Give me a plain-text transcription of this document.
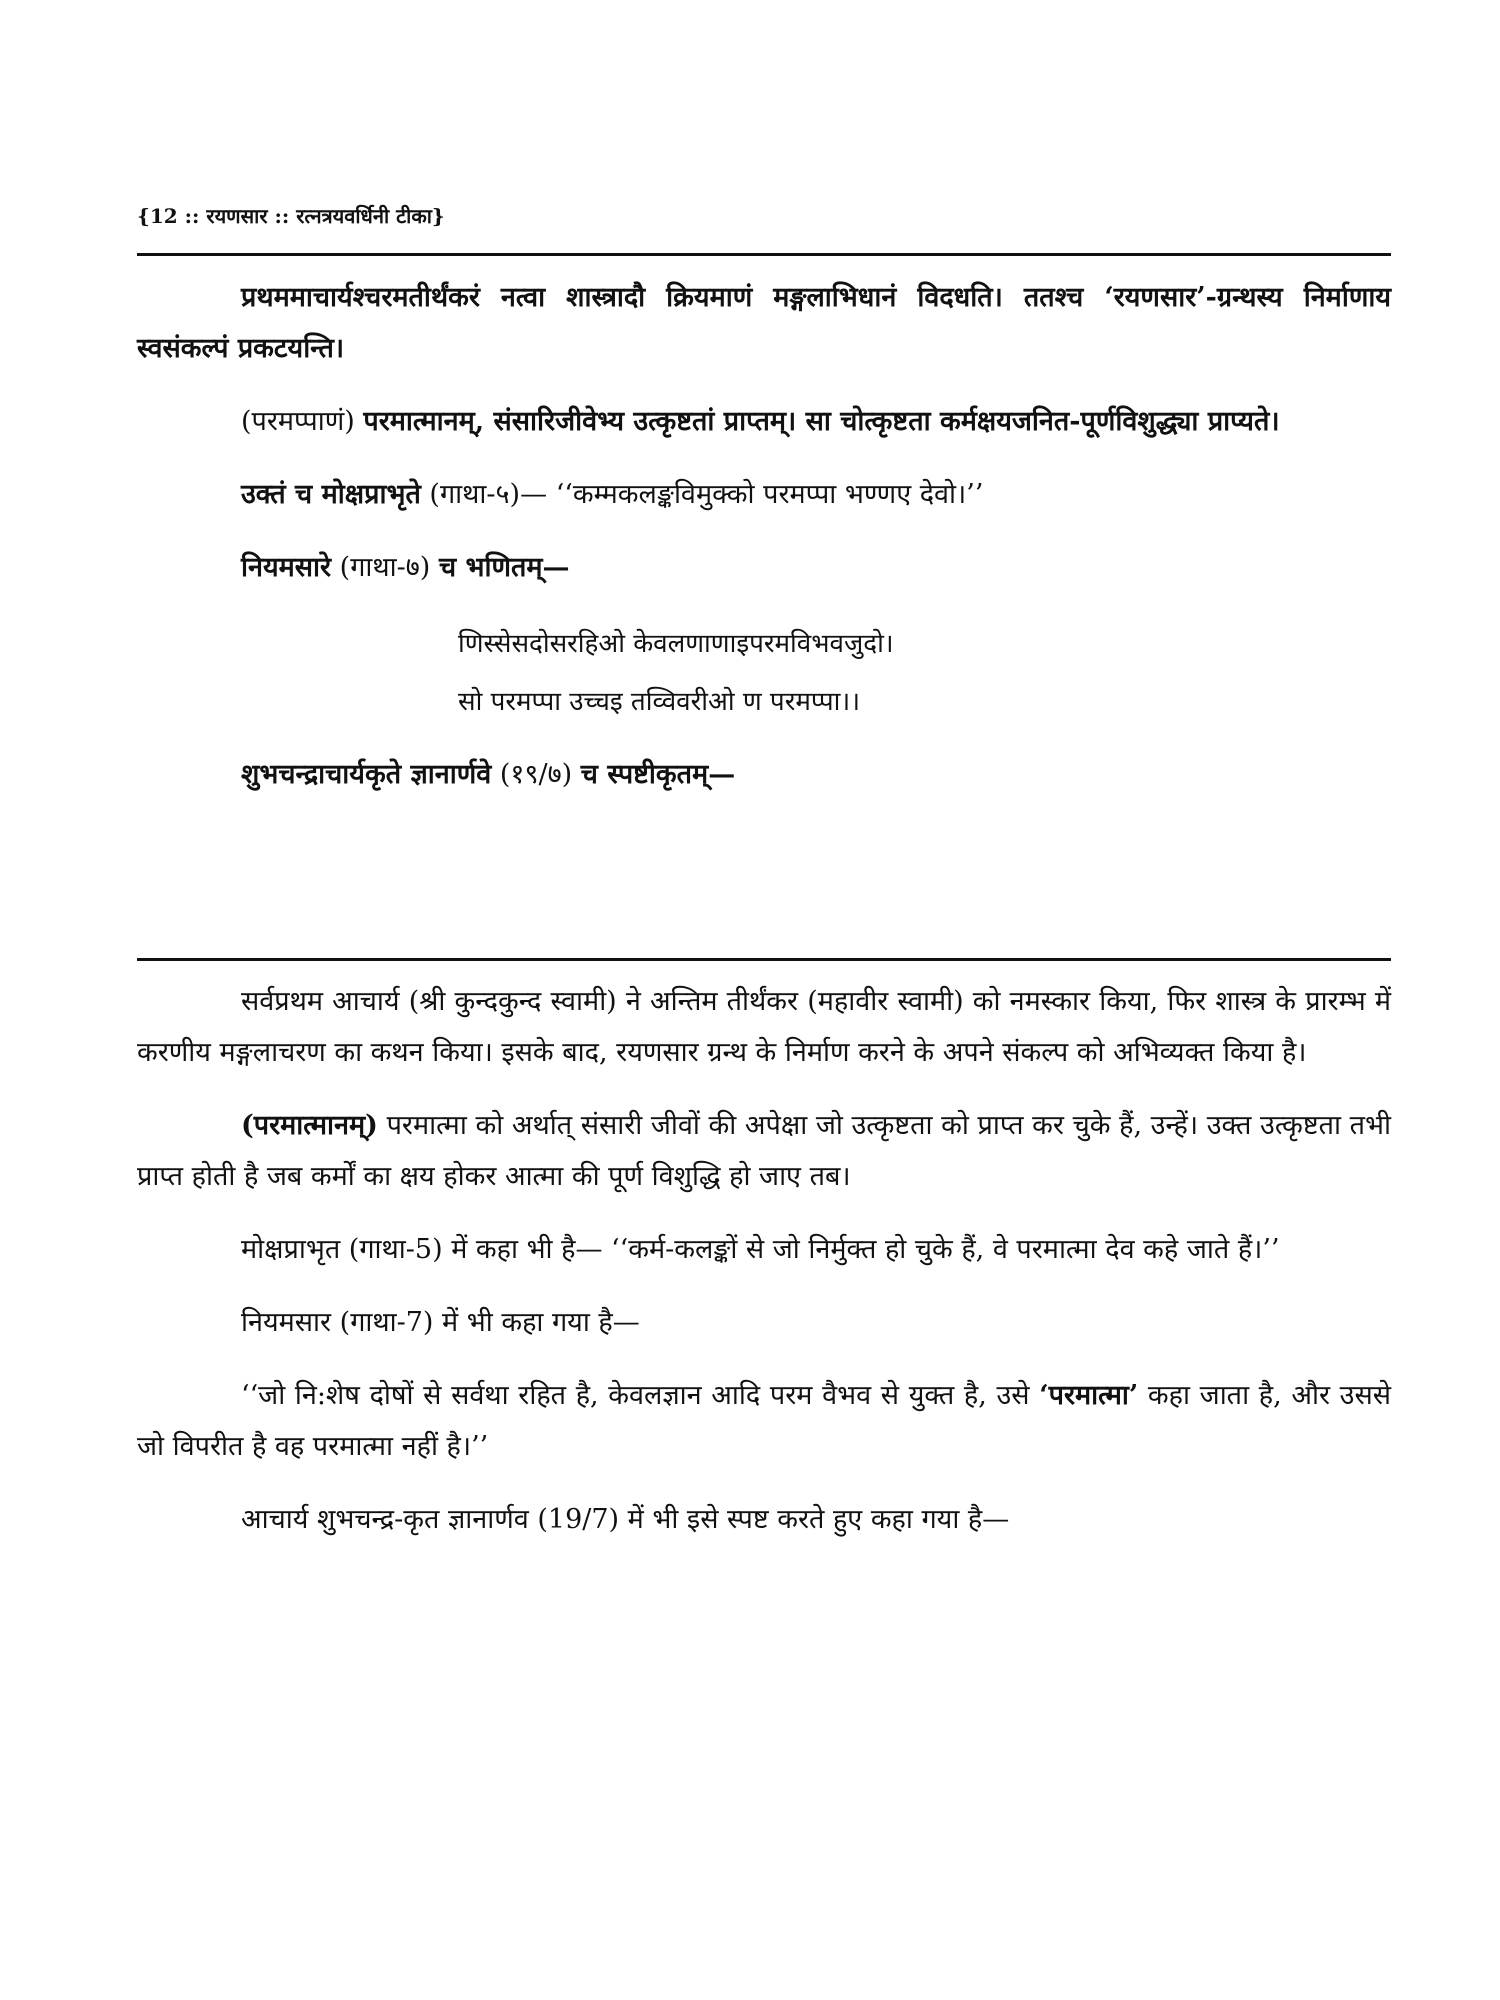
{12 :: रयणसार :: रत्नत्रयवर्धिनी टीका}

प्रथममाचार्यश्चरमतीर्थंकरं नत्वा शास्त्रादौ क्रियमाणं मङ्गलाभिधानं विदधति। ततश्च ‘रयणसार’-ग्रन्थस्य निर्माणाय स्वसंकल्पं प्रकटयन्ति।

(परमप्पाणं) परमात्मानम्, संसारिजीवेभ्य उत्कृष्टतां प्राप्तम्। सा चोत्कृष्टता कर्मक्षयजनित-पूर्णविशुद्ध्या प्राप्यते।

उक्तं च मोक्षप्राभृते (गाथा-५)— ‘‘कम्मकलङ्कविमुक्को परमप्पा भण्णए देवो।’’

नियमसारे (गाथा-७) च भणितम्—

णिस्सेसदोसरहिओ केवलणाणाइपरमविभवजुदो।
सो परमप्पा उच्चइ तव्विवरीओ ण परमप्पा।।

शुभचन्द्राचार्यकृते ज्ञानार्णवे (१९/७) च स्पष्टीकृतम्—

सर्वप्रथम आचार्य (श्री कुन्दकुन्द स्वामी) ने अन्तिम तीर्थंकर (महावीर स्वामी) को नमस्कार किया, फिर शास्त्र के प्रारम्भ में करणीय मङ्गलाचरण का कथन किया। इसके बाद, रयणसार ग्रन्थ के निर्माण करने के अपने संकल्प को अभिव्यक्त किया है।

(परमात्मानम्) परमात्मा को अर्थात् संसारी जीवों की अपेक्षा जो उत्कृष्टता को प्राप्त कर चुके हैं, उन्हें। उक्त उत्कृष्टता तभी प्राप्त होती है जब कर्मों का क्षय होकर आत्मा की पूर्ण विशुद्धि हो जाए तब।

मोक्षप्राभृत (गाथा-5) में कहा भी है— ‘‘कर्म-कलङ्कों से जो निर्मुक्त हो चुके हैं, वे परमात्मा देव कहे जाते हैं।’’

नियमसार (गाथा-7) में भी कहा गया है—

‘‘जो नि:शेष दोषों से सर्वथा रहित है, केवलज्ञान आदि परम वैभव से युक्त है, उसे ‘परमात्मा’ कहा जाता है, और उससे जो विपरीत है वह परमात्मा नहीं है।’’

आचार्य शुभचन्द्र-कृत ज्ञानार्णव (19/7) में भी इसे स्पष्ट करते हुए कहा गया है—
